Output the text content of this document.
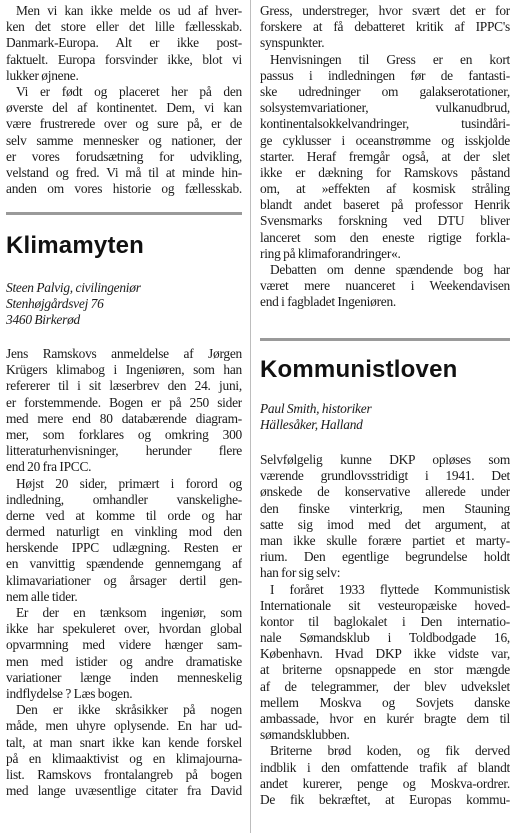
Men vi kan ikke melde os ud af hver-
ken det store eller det lille fællesskab.
Danmark-Europa. Alt er ikke post-
faktuelt. Europa forsvinder ikke, blot vi
lukker øjnene.
Vi er født og placeret her på den
øverste del af kontinentet. Dem, vi kan
være frustrerede over og sure på, er de
selv samme mennesker og nationer, der
er vores forudsætning for udvikling,
velstand og fred. Vi må til at minde hin-
anden om vores historie og fællesskab.
Klimamyten
Steen Palvig, civilingeniør
Stenhøjgårdsvej 76
3460 Birkerød
Jens Ramskovs anmeldelse af Jørgen
Krügers klimabog i Ingeniøren, som han
refererer til i sit læserbrev den 24. juni,
er forstemmende. Bogen er på 250 sider
med mere end 80 databærende diagram-
mer, som forklares og omkring 300
litteraturhenvisninger, herunder flere
end 20 fra IPCC.
Højst 20 sider, primært i forord og
indledning, omhandler vanskelighe-
derne ved at komme til orde og har
dermed naturligt en vinkling mod den
herskende IPPC udlægning. Resten er
en vanvittig spændende gennemgang af
klimavariationer og årsager dertil gen-
nem alle tider.
Er der en tænksom ingeniør, som
ikke har spekuleret over, hvordan global
opvarmning med videre hænger sam-
men med istider og andre dramatiske
variationer længe inden menneskelig
indflydelse ? Læs bogen.
Den er ikke skråsikker på nogen
måde, men uhyre oplysende. En har ud-
talt, at man snart ikke kan kende forskel
på en klimaaktivist og en klimajourna-
list. Ramskovs frontalangreb på bogen
med lange uvæsentlige citater fra David
Gress, understreger, hvor svært det er for
forskere at få debatteret kritik af IPPC's
synspunkter.
Henvisningen til Gress er en kort
passus i indledningen før de fantasti-
ske udredninger om galakserotationer,
solsystemvariationer, vulkanudbrud,
kontinentalsokkelvandringer, tusindåri-
ge cyklusser i oceanstrømme og isskjolde
starter. Heraf fremgår også, at der slet
ikke er dækning for Ramskovs påstand
om, at »effekten af kosmisk stråling
blandt andet baseret på professor Henrik
Svensmarks forskning ved DTU bliver
lanceret som den eneste rigtige forkla-
ring på klimaforandringer«.
Debatten om denne spændende bog har
været mere nuanceret i Weekendavisen
end i fagbladet Ingeniøren.
Kommunistloven
Paul Smith, historiker
Hällesåker, Halland
Selvfølgelig kunne DKP opløses som
værende grundlovsstridigt i 1941. Det
ønskede de konservative allerede under
den finske vinterkrig, men Stauning
satte sig imod med det argument, at
man ikke skulle forære partiet et marty-
rium. Den egentlige begrundelse holdt
han for sig selv:
I foråret 1933 flyttede Kommunistisk
Internationale sit vesteuropæiske hoved-
kontor til baglokalet i Den internatio-
nale Sømandsklub i Toldbodgade 16,
København. Hvad DKP ikke vidste var,
at briterne opsnappede en stor mængde
af de telegrammer, der blev udvekslet
mellem Moskva og Sovjets danske
ambassade, hvor en kurér bragte dem til
sømandsklubben.
Briterne brød koden, og fik derved
indblik i den omfattende trafik af blandt
andet kurerer, penge og Moskva-ordrer.
De fik bekræftet, at Europas kommu-
